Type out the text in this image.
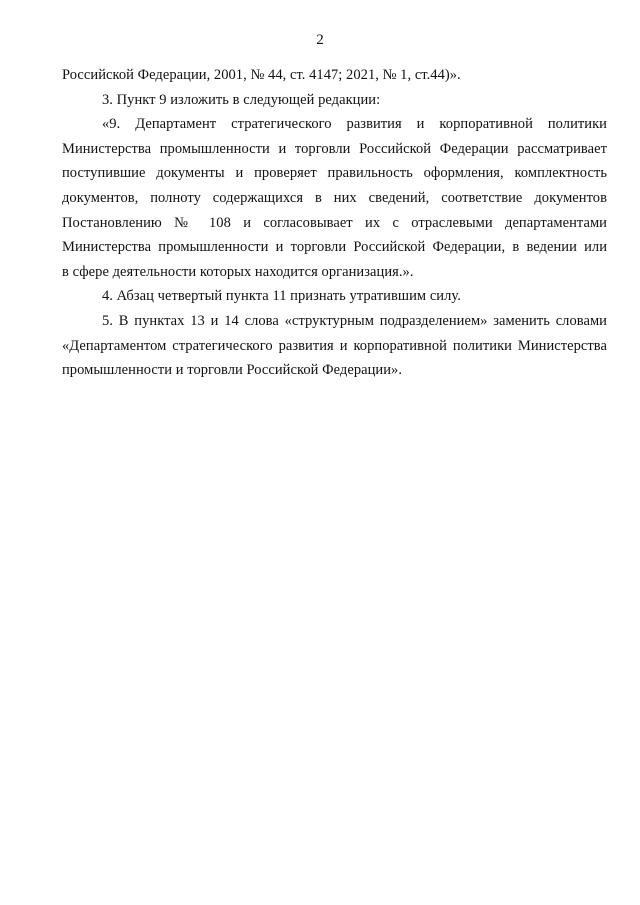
2
Российской Федерации, 2001, № 44, ст. 4147; 2021, № 1, ст.44)».
3. Пункт 9 изложить в следующей редакции:
«9. Департамент стратегического развития и корпоративной политики
Министерства промышленности и торговли Российской Федерации рассматривает
поступившие документы и проверяет правильность оформления, комплектность
документов, полноту содержащихся в них сведений, соответствие документов
Постановлению № 108 и согласовывает их с отраслевыми департаментами
Министерства промышленности и торговли Российской Федерации, в ведении или
в сфере деятельности которых находится организация.».
4. Абзац четвертый пункта 11 признать утратившим силу.
5. В пунктах 13 и 14 слова «структурным подразделением» заменить словами
«Департаментом стратегического развития и корпоративной политики Министерства
промышленности и торговли Российской Федерации».
